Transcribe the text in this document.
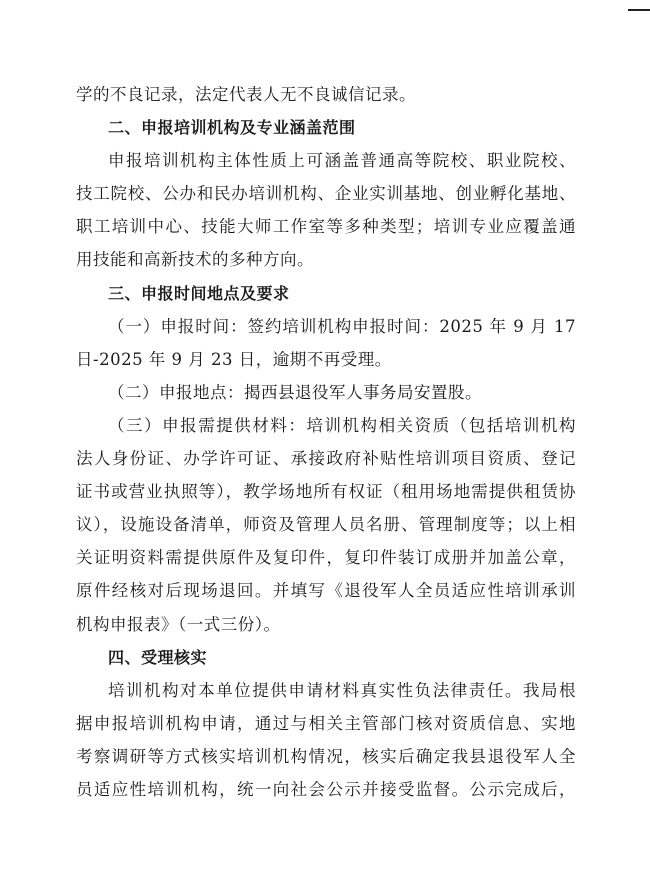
学的不良记录，法定代表人无不良诚信记录。
二、申报培训机构及专业涵盖范围
申报培训机构主体性质上可涵盖普通高等院校、职业院校、
技工院校、公办和民办培训机构、企业实训基地、创业孵化基地、
职工培训中心、技能大师工作室等多种类型；培训专业应覆盖通
用技能和高新技术的多种方向。
三、申报时间地点及要求
（一）申报时间：签约培训机构申报时间：2025 年 9 月 17
日-2025 年 9 月 23 日，逾期不再受理。
（二）申报地点：揭西县退役军人事务局安置股。
（三）申报需提供材料：培训机构相关资质（包括培训机构
法人身份证、办学许可证、承接政府补贴性培训项目资质、登记
证书或营业执照等），教学场地所有权证（租用场地需提供租赁协
议），设施设备清单，师资及管理人员名册、管理制度等；以上相
关证明资料需提供原件及复印件，复印件装订成册并加盖公章，
原件经核对后现场退回。并填写《退役军人全员适应性培训承训
机构申报表》（一式三份）。
四、受理核实
培训机构对本单位提供申请材料真实性负法律责任。我局根
据申报培训机构申请，通过与相关主管部门核对资质信息、实地
考察调研等方式核实培训机构情况，核实后确定我县退役军人全
员适应性培训机构，统一向社会公示并接受监督。公示完成后，
